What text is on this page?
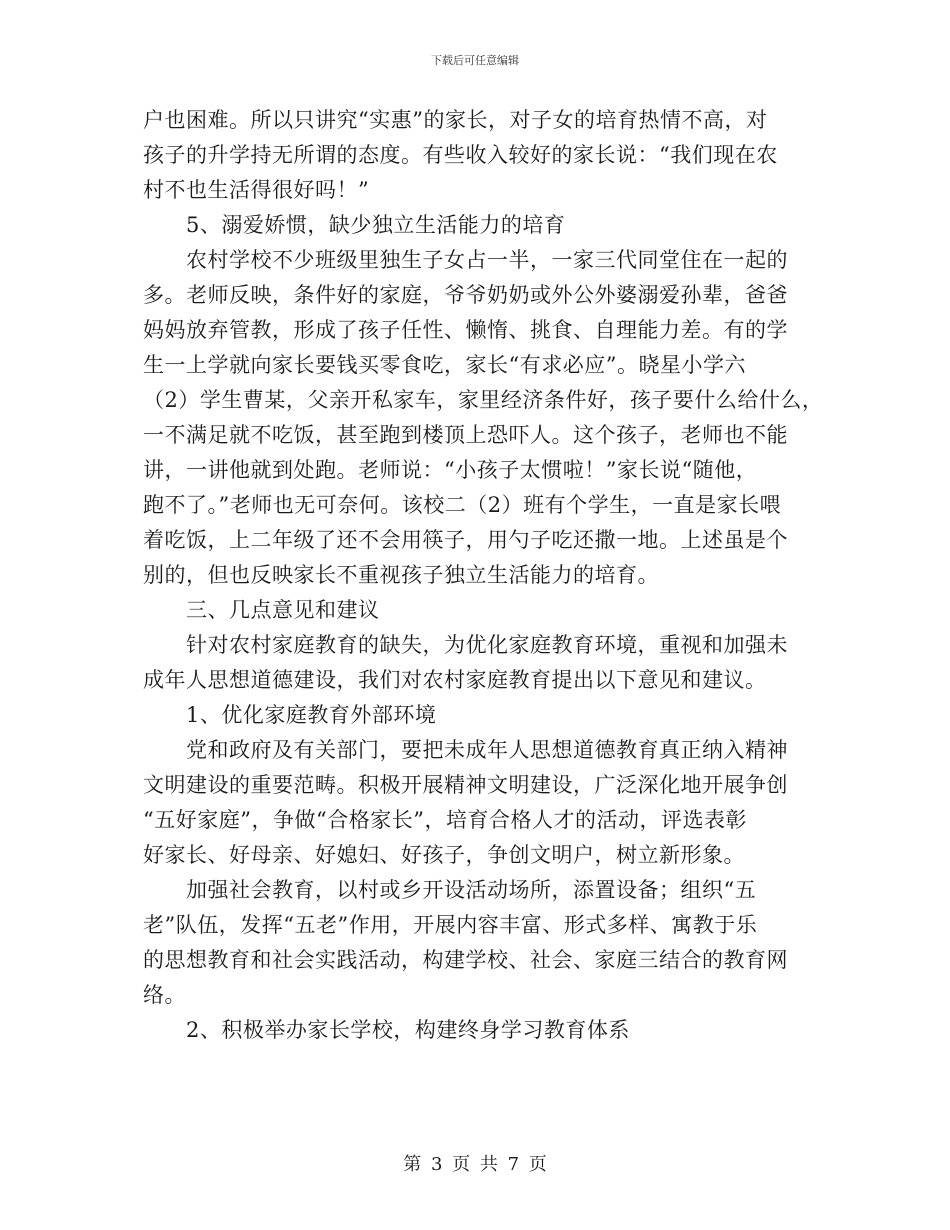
下载后可任意编辑
户也困难。所以只讲究“实惠”的家长，对子女的培育热情不高，对
孩子的升学持无所谓的态度。有些收入较好的家长说：“我们现在农
村不也生活得很好吗！”
5、溺爱娇惯，缺少独立生活能力的培育
农村学校不少班级里独生子女占一半，一家三代同堂住在一起的
多。老师反映，条件好的家庭，爷爷奶奶或外公外婆溺爱孙辈，爸爸
妈妈放弃管教，形成了孩子任性、懒惰、挑食、自理能力差。有的学
生一上学就向家长要钱买零食吃，家长“有求必应”。晓星小学六
（2）学生曹某，父亲开私家车，家里经济条件好，孩子要什么给什么，
一不满足就不吃饭，甚至跑到楼顶上恐吓人。这个孩子，老师也不能
讲，一讲他就到处跑。老师说：“小孩子太惯啦！”家长说“随他，
跑不了。”老师也无可奈何。该校二（2）班有个学生，一直是家长喂
着吃饭，上二年级了还不会用筷子，用勺子吃还撒一地。上述虽是个
别的，但也反映家长不重视孩子独立生活能力的培育。
三、几点意见和建议
针对农村家庭教育的缺失，为优化家庭教育环境，重视和加强未
成年人思想道德建设，我们对农村家庭教育提出以下意见和建议。
1、优化家庭教育外部环境
党和政府及有关部门，要把未成年人思想道德教育真正纳入精神
文明建设的重要范畴。积极开展精神文明建设，广泛深化地开展争创
“五好家庭”，争做“合格家长”，培育合格人才的活动，评选表彰
好家长、好母亲、好媳妇、好孩子，争创文明户，树立新形象。
加强社会教育，以村或乡开设活动场所，添置设备；组织“五
老”队伍，发挥“五老”作用，开展内容丰富、形式多样、寓教于乐
的思想教育和社会实践活动，构建学校、社会、家庭三结合的教育网
络。
2、积极举办家长学校，构建终身学习教育体系
第 3 页 共 7 页
